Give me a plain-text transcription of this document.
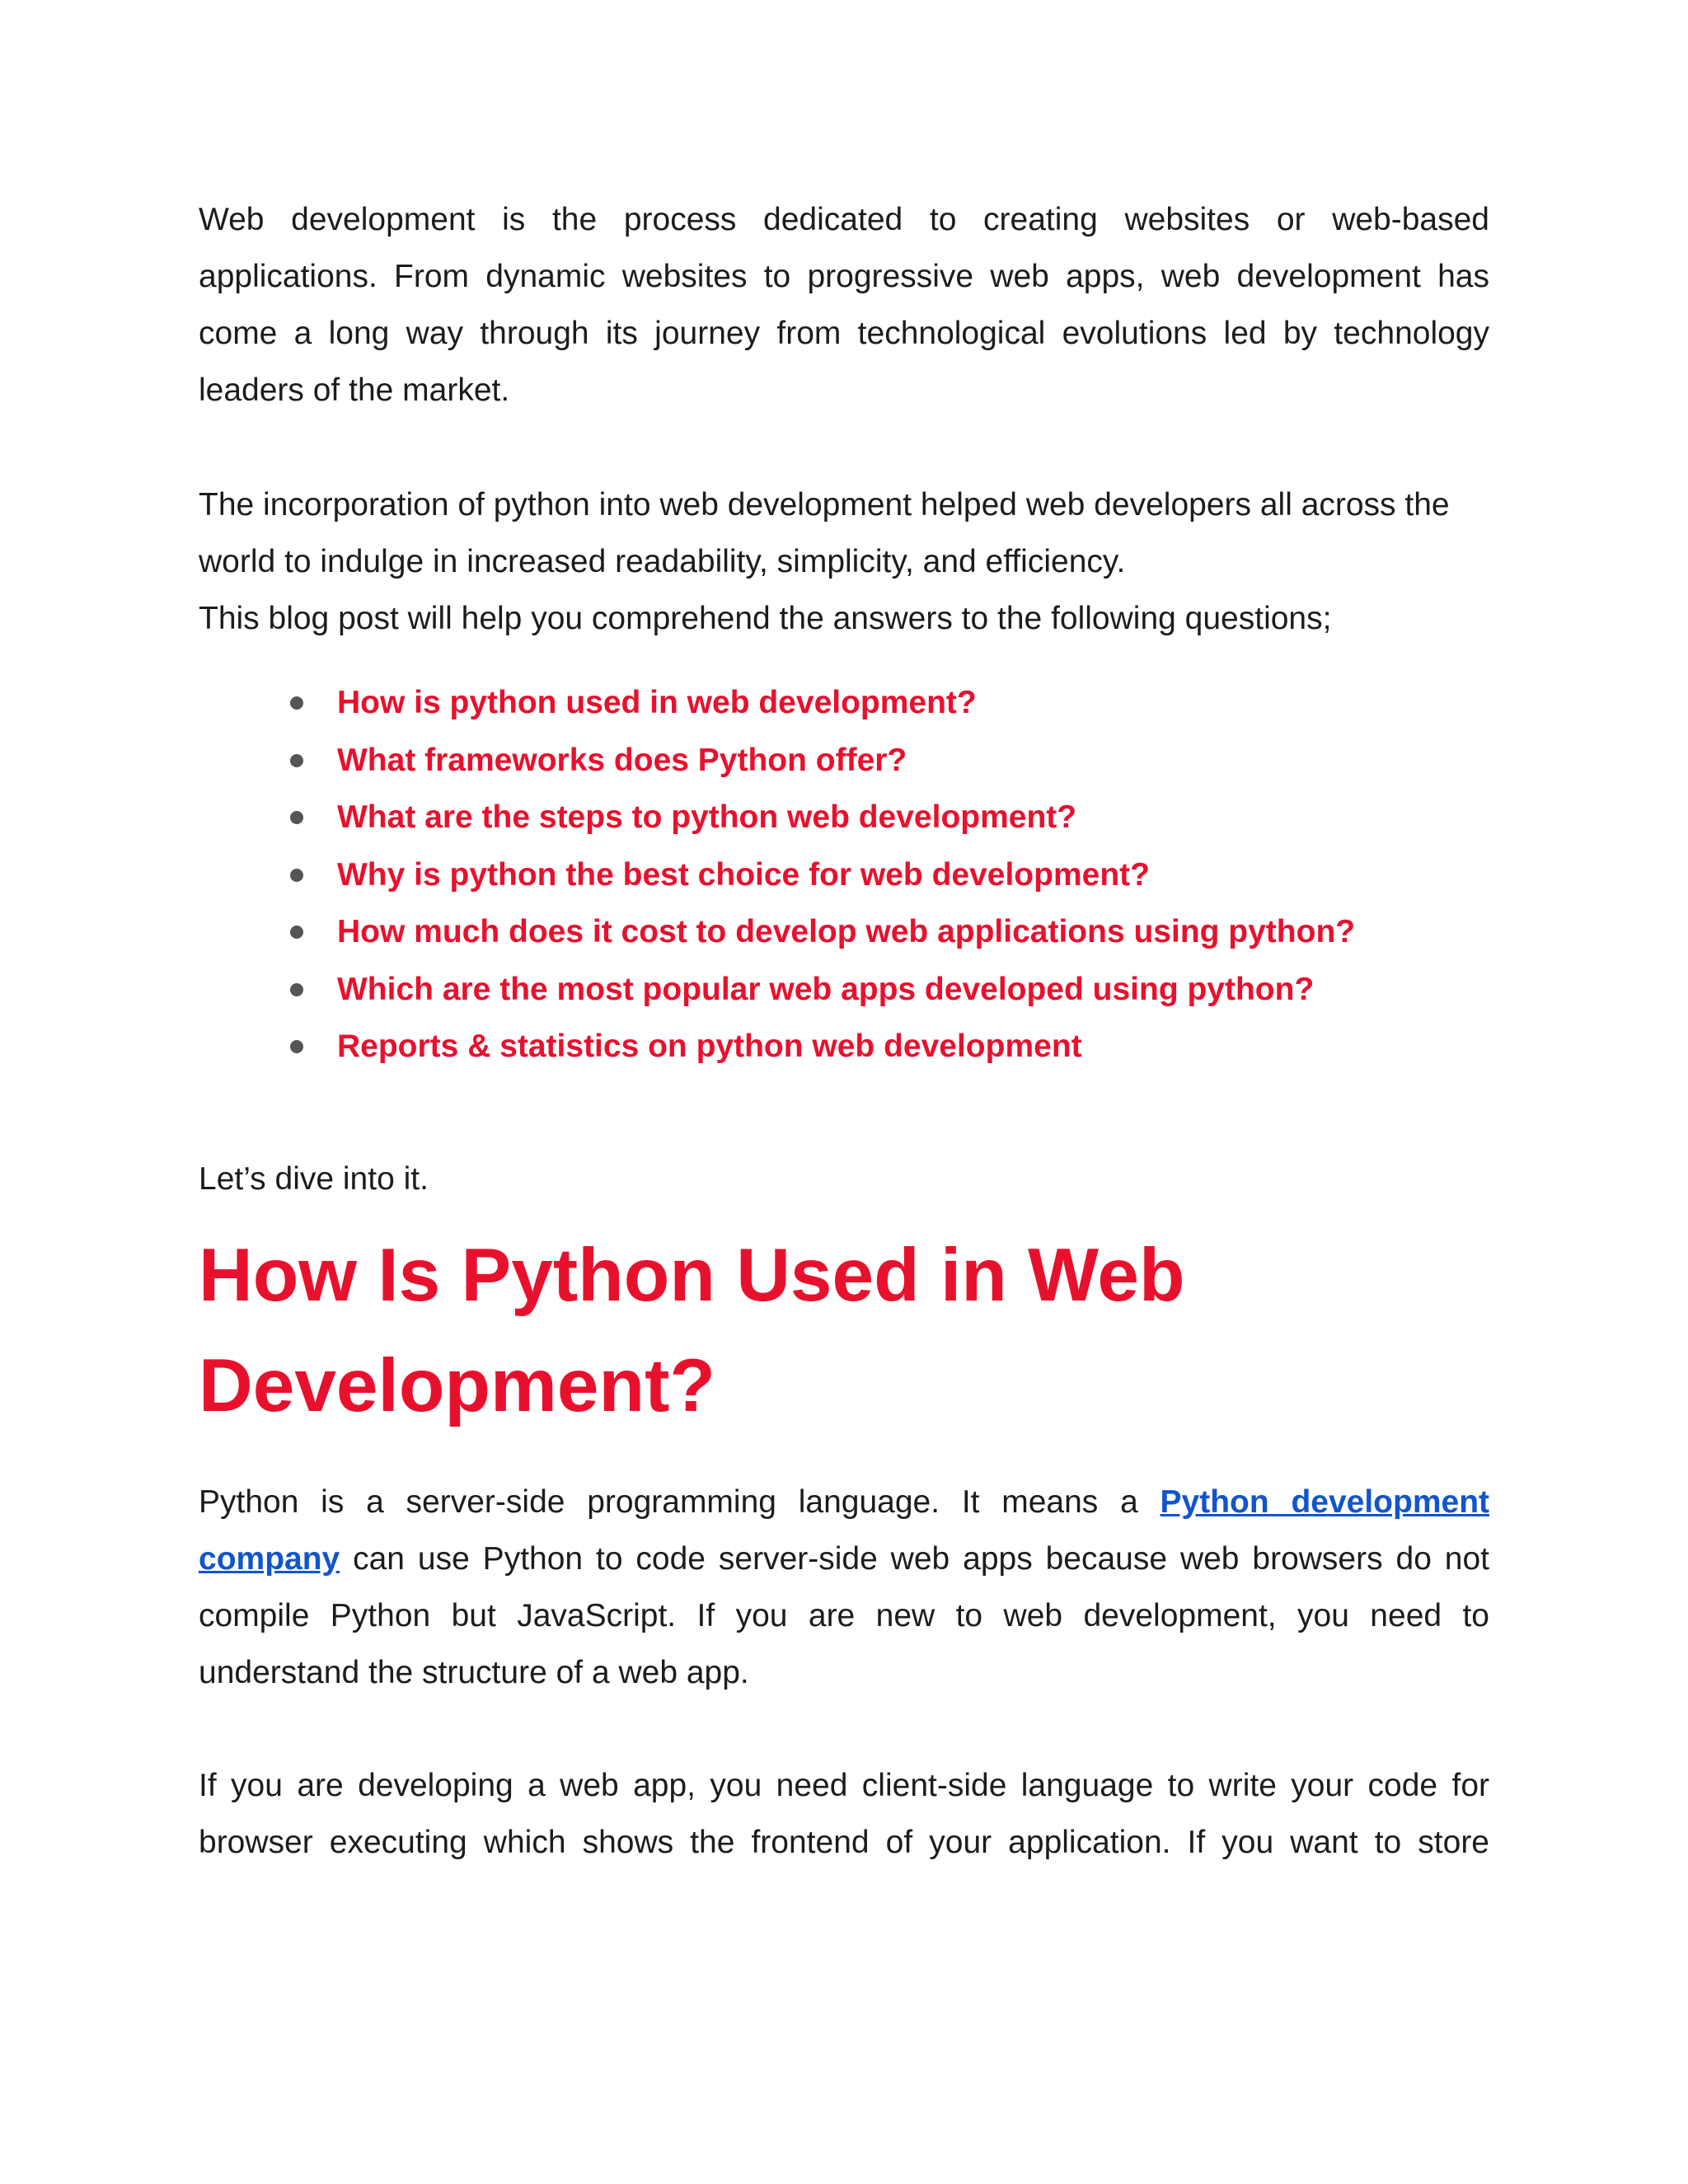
Web development is the process dedicated to creating websites or web-based applications. From dynamic websites to progressive web apps, web development has come a long way through its journey from technological evolutions led by technology leaders of the market.

The incorporation of python into web development helped web developers all across the world to indulge in increased readability, simplicity, and efficiency.

This blog post will help you comprehend the answers to the following questions;

How is python used in web development?
What frameworks does Python offer?
What are the steps to python web development?
Why is python the best choice for web development?
How much does it cost to develop web applications using python?
Which are the most popular web apps developed using python?
Reports & statistics on python web development

Let’s dive into it.

How Is Python Used in Web Development?

Python is a server-side programming language. It means a Python development company can use Python to code server-side web apps because web browsers do not compile Python but JavaScript. If you are new to web development, you need to understand the structure of a web app.

If you are developing a web app, you need client-side language to write your code for browser executing which shows the frontend of your application. If you want to store
